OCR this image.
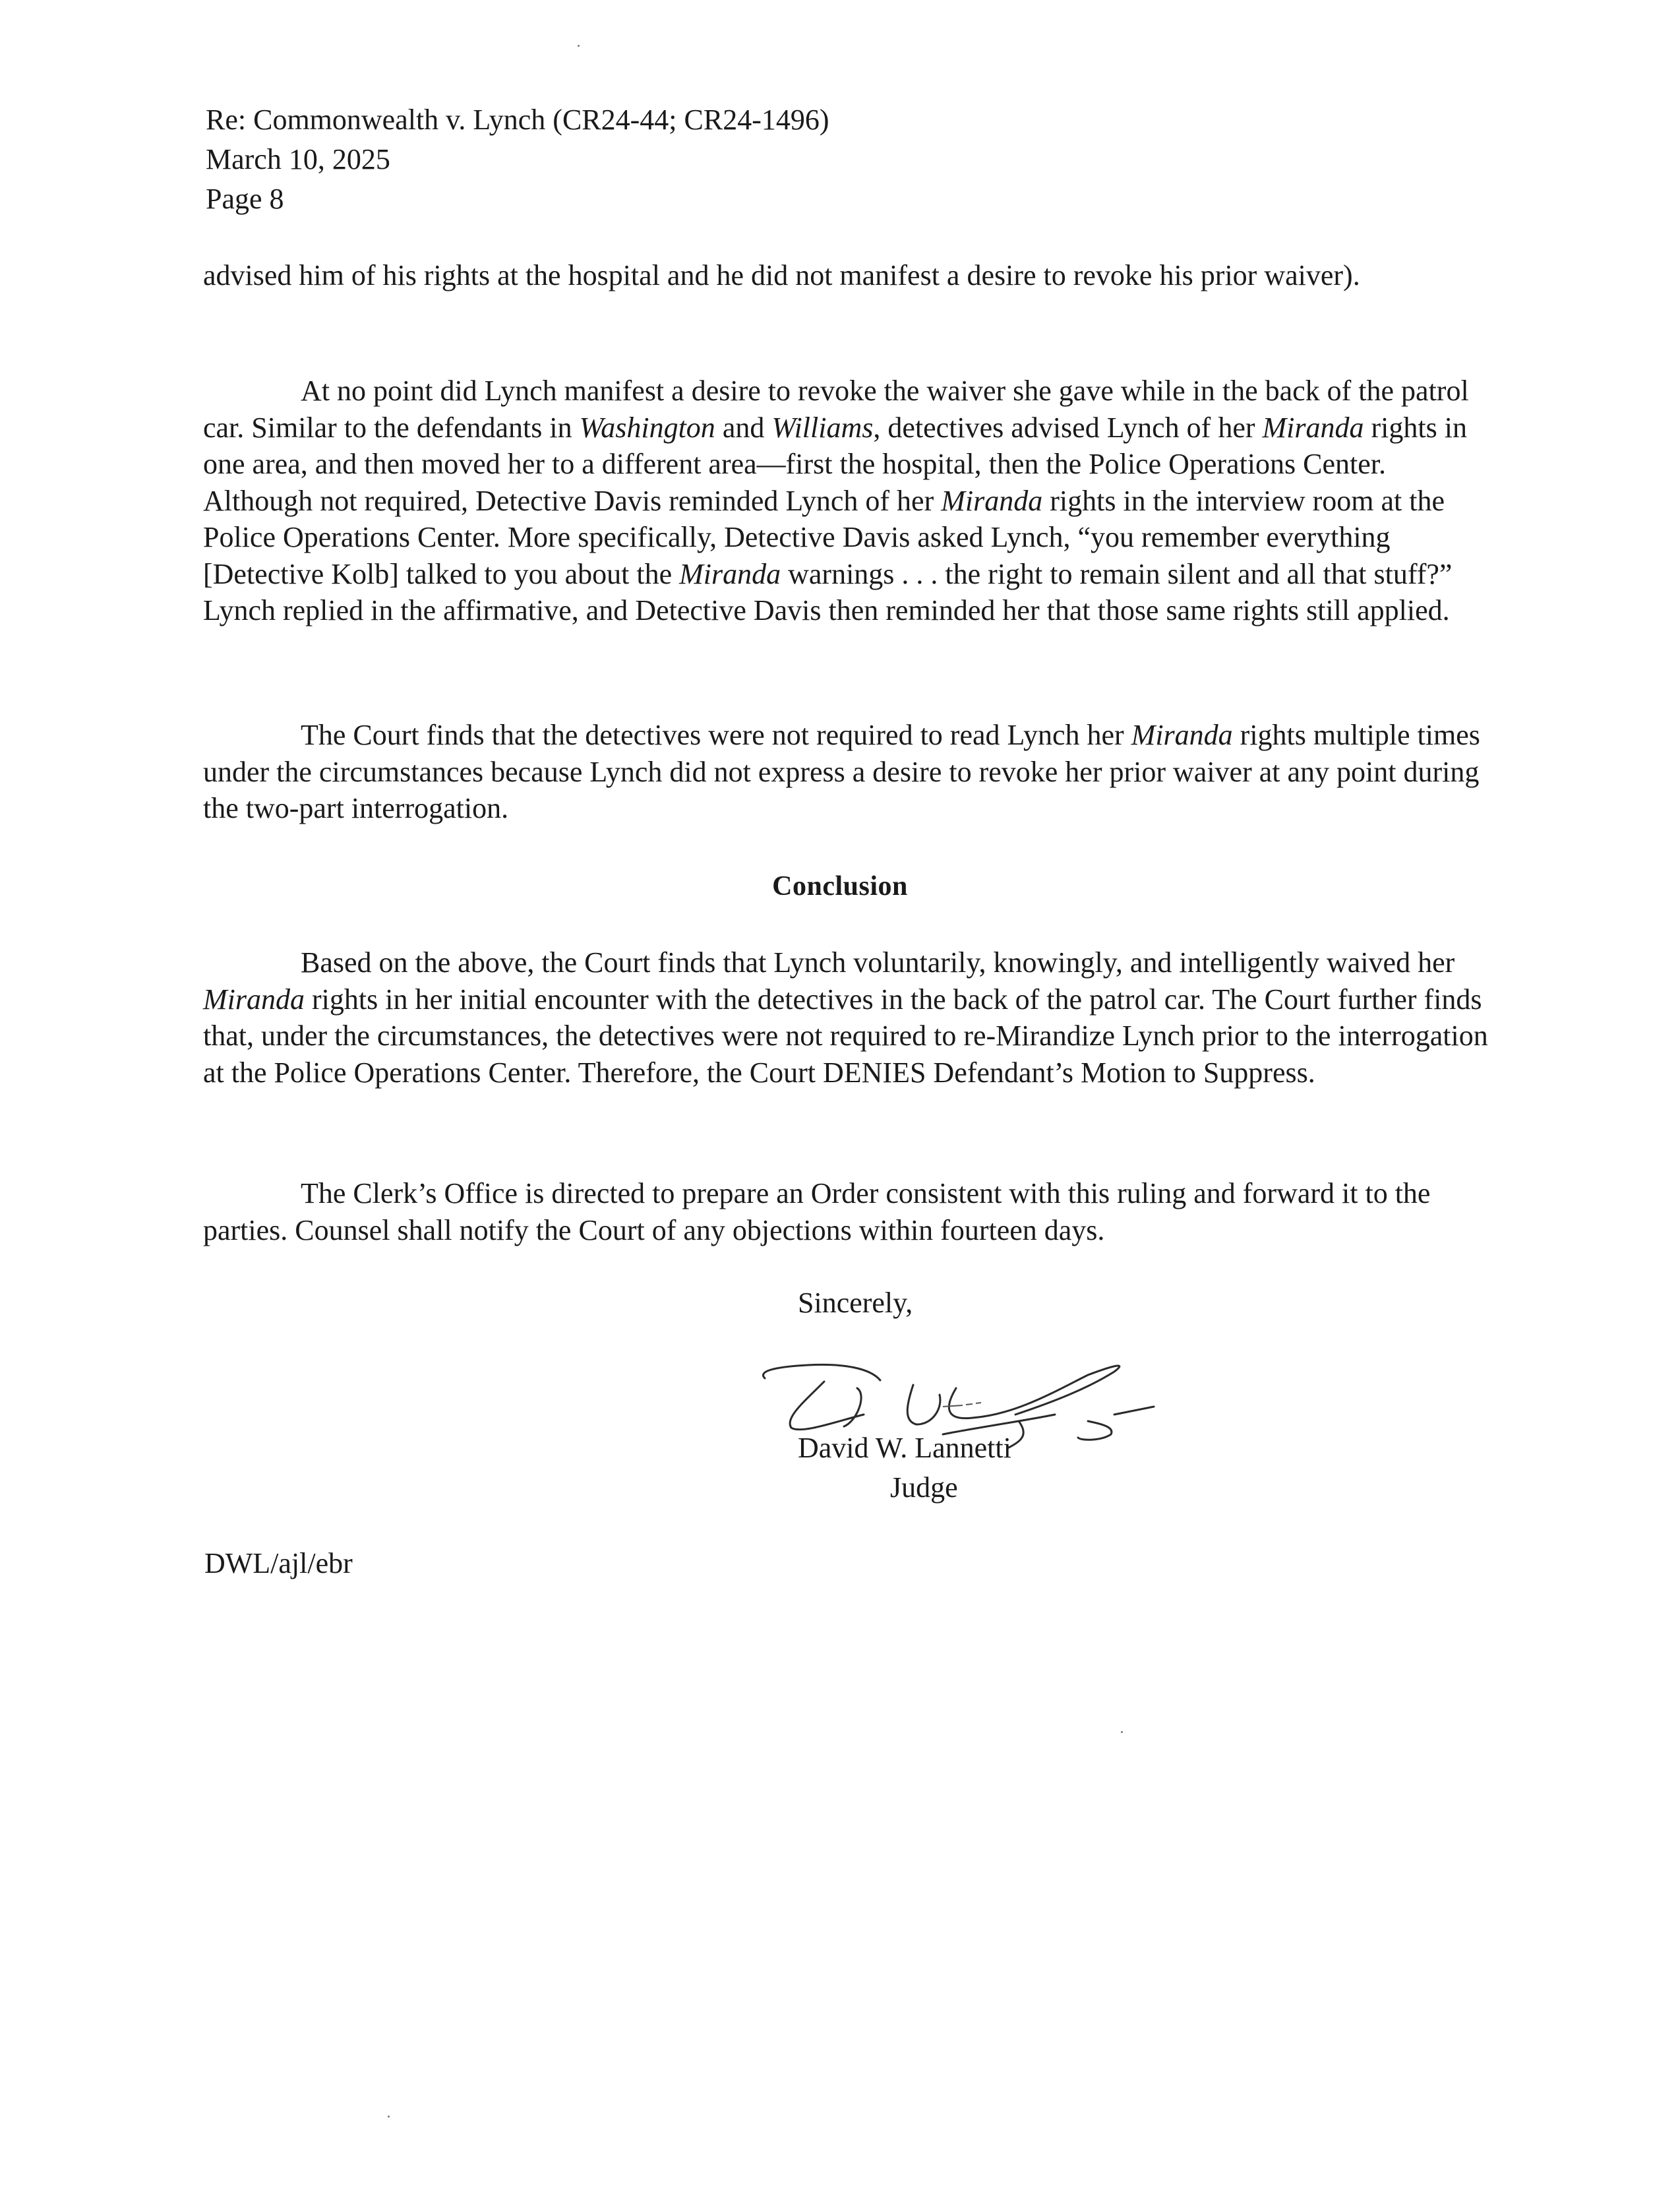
Re: Commonwealth v. Lynch (CR24-44; CR24-1496)
March 10, 2025
Page 8
advised him of his rights at the hospital and he did not manifest a desire to revoke his prior waiver).
At no point did Lynch manifest a desire to revoke the waiver she gave while in the back of the patrol car. Similar to the defendants in Washington and Williams, detectives advised Lynch of her Miranda rights in one area, and then moved her to a different area—first the hospital, then the Police Operations Center. Although not required, Detective Davis reminded Lynch of her Miranda rights in the interview room at the Police Operations Center. More specifically, Detective Davis asked Lynch, “you remember everything [Detective Kolb] talked to you about the Miranda warnings . . . the right to remain silent and all that stuff?” Lynch replied in the affirmative, and Detective Davis then reminded her that those same rights still applied.
The Court finds that the detectives were not required to read Lynch her Miranda rights multiple times under the circumstances because Lynch did not express a desire to revoke her prior waiver at any point during the two-part interrogation.
Conclusion
Based on the above, the Court finds that Lynch voluntarily, knowingly, and intelligently waived her Miranda rights in her initial encounter with the detectives in the back of the patrol car. The Court further finds that, under the circumstances, the detectives were not required to re-Mirandize Lynch prior to the interrogation at the Police Operations Center. Therefore, the Court DENIES Defendant’s Motion to Suppress.
The Clerk’s Office is directed to prepare an Order consistent with this ruling and forward it to the parties. Counsel shall notify the Court of any objections within fourteen days.
Sincerely,
David W. Lannetti
Judge
DWL/ajl/ebr
